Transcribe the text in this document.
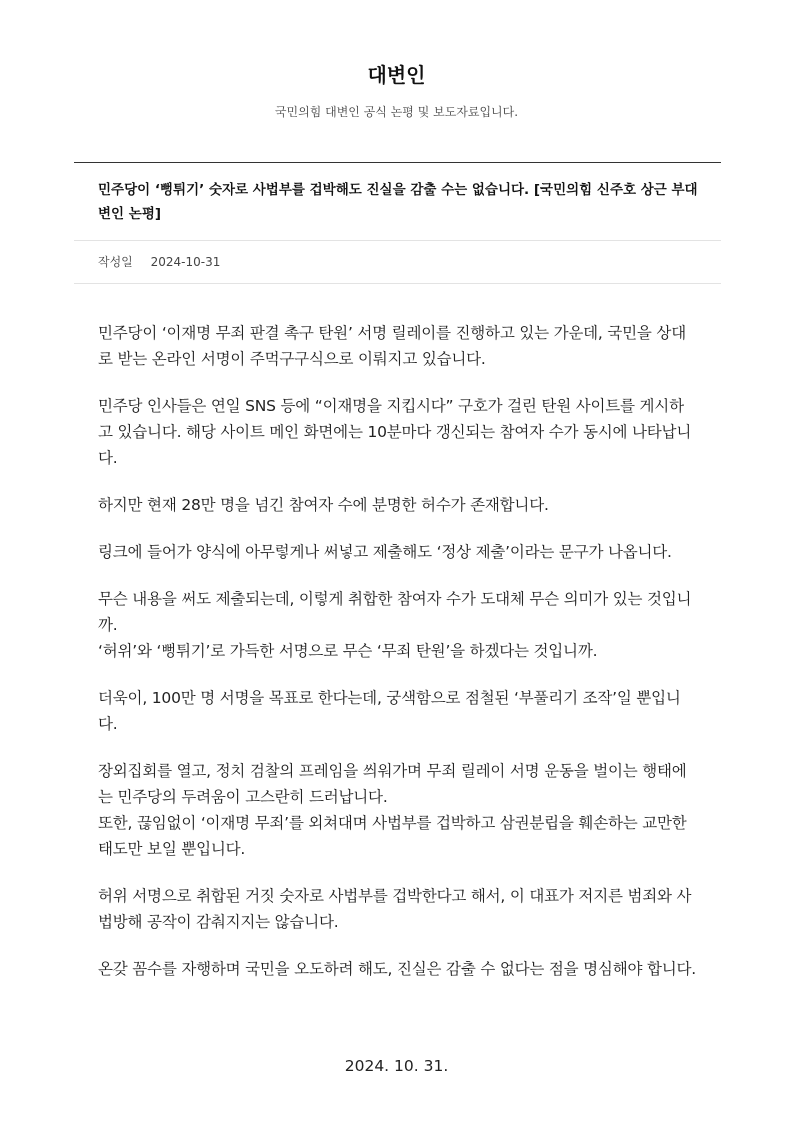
대변인
국민의힘 대변인 공식 논평 및 보도자료입니다.
민주당이 ‘뻥튀기’ 숫자로 사법부를 겁박해도 진실을 감출 수는 없습니다. [국민의힘 신주호 상근 부대변인 논평]
작성일 2024-10-31

민주당이 ‘이재명 무죄 판결 촉구 탄원’ 서명 릴레이를 진행하고 있는 가운데, 국민을 상대로 받는 온라인 서명이 주먹구구식으로 이뤄지고 있습니다.

민주당 인사들은 연일 SNS 등에 “이재명을 지킵시다” 구호가 걸린 탄원 사이트를 게시하고 있습니다. 해당 사이트 메인 화면에는 10분마다 갱신되는 참여자 수가 동시에 나타납니다.

하지만 현재 28만 명을 넘긴 참여자 수에 분명한 허수가 존재합니다.

링크에 들어가 양식에 아무렇게나 써넣고 제출해도 ‘정상 제출’이라는 문구가 나옵니다.

무슨 내용을 써도 제출되는데, 이렇게 취합한 참여자 수가 도대체 무슨 의미가 있는 것입니까.
‘허위’와 ‘뻥튀기’로 가득한 서명으로 무슨 ‘무죄 탄원’을 하겠다는 것입니까.

더욱이, 100만 명 서명을 목표로 한다는데, 궁색함으로 점철된 ‘부풀리기 조작’일 뿐입니다.

장외집회를 열고, 정치 검찰의 프레임을 씌워가며 무죄 릴레이 서명 운동을 벌이는 행태에는 민주당의 두려움이 고스란히 드러납니다.
또한, 끊임없이 ‘이재명 무죄’를 외쳐대며 사법부를 겁박하고 삼권분립을 훼손하는 교만한 태도만 보일 뿐입니다.

허위 서명으로 취합된 거짓 숫자로 사법부를 겁박한다고 해서, 이 대표가 저지른 범죄와 사법방해 공작이 감춰지지는 않습니다.

온갖 꼼수를 자행하며 국민을 오도하려 해도, 진실은 감출 수 없다는 점을 명심해야 합니다.

2024. 10. 31.
